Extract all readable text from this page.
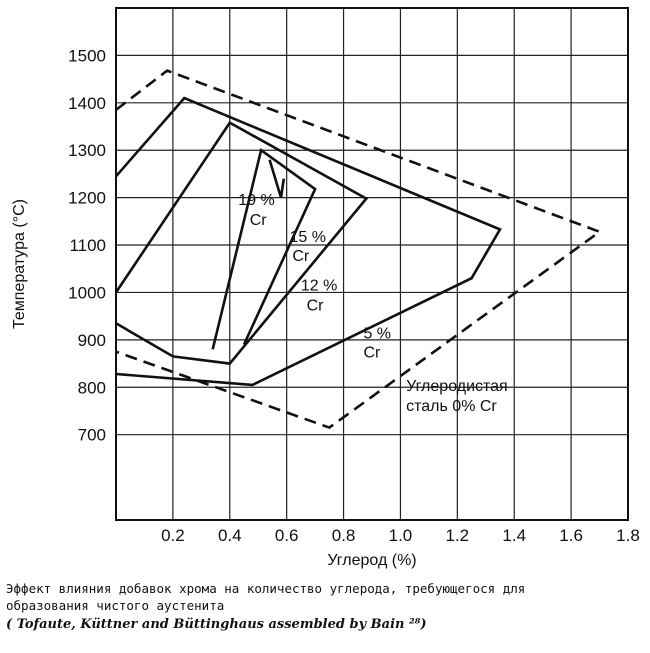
0.2 0.4 0.6 0.8 1.0 1.2 1.4 1.6 1.8
700
800
900
1000
1100
1200
1300
1400
1500
19 %
Cr
15 %
Cr
12 %
Cr
5 %
Cr
Углеродистая
сталь 0% Cr
Углерод (%)
Температура (°С)
Эффект влияния добавок хрома на количество углерода, требующегося для
образования чистого аустенита
( Tofaute, Küttner and Büttinghaus assembled by Bain ²⁸)
